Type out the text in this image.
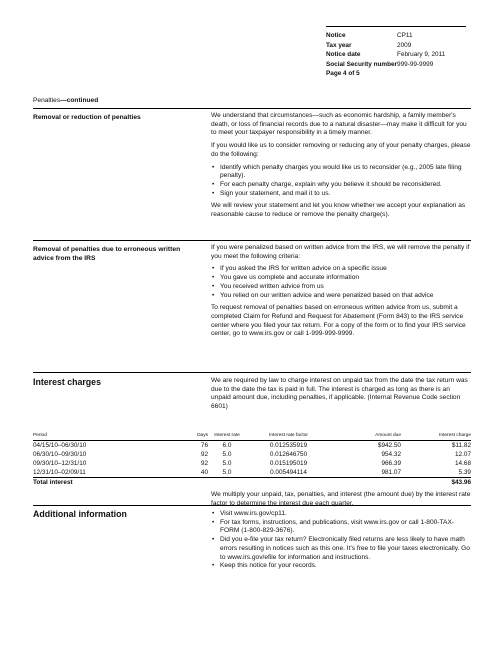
Notice	CP11
Tax year	2009
Notice date	February 9, 2011
Social Security number	999-99-9999
Page 4 of 5
Penalties—continued
Removal or reduction of penalties	We understand that circumstances—such as economic hardship, a family member's death, or loss of financial records due to a natural disaster—may make it difficult for you to meet your taxpayer responsibility in a timely manner.

If you would like us to consider removing or reducing any of your penalty charges, please do the following:

• Identify which penalty charges you would like us to reconsider (e.g., 2005 late filing penalty).
• For each penalty charge, explain why you believe it should be reconsidered.
• Sign your statement, and mail it to us.

We will review your statement and let you know whether we accept your explanation as reasonable cause to reduce or remove the penalty charge(s).

Removal of penalties due to erroneous written advice from the IRS

If you were penalized based on written advice from the IRS, we will remove the penalty if you meet the following criteria:

• If you asked the IRS for written advice on a specific issue
• You gave us complete and accurate information
• You received written advice from us
• You relied on our written advice and were penalized based on that advice

To request removal of penalties based on erroneous written advice from us, submit a completed Claim for Refund and Request for Abatement (Form 843) to the IRS service center where you filed your tax return. For a copy of the form or to find your IRS service center, go to www.irs.gov or call 1-999-999-9999.

Interest charges	We are required by law to charge interest on unpaid tax from the date the tax return was due to the date the tax is paid in full. The interest is charged as long as there is an unpaid amount due, including penalties, if applicable. (Internal Revenue Code section 6601)

Period	Days	Interest rate	Interest rate factor	Amount due	Interest charge
04/15/10–06/30/10	76	6.0	0.012535919	$942.50	$11.82
06/30/10–09/30/10	92	5.0	0.012646750	954.32	12.07
09/30/10–12/31/10	92	5.0	0.015195019	966.39	14.68
12/31/10–02/09/11	40	5.0	0.005494114	981.07	5.39
Total interest					$43.96

We multiply your unpaid, tax, penalties, and interest (the amount due) by the interest rate factor to determine the interest due each quarter.

Additional information	• Visit www.irs.gov/cp11.
• For tax forms, instructions, and publications, visit www.irs.gov or call 1-800-TAX-FORM (1-800-829-3676).
• Did you e-file your tax return? Electronically filed returns are less likely to have math errors resulting in notices such as this one. It's free to file your taxes electronically. Go to www.irs.gov/efile for information and instructions.
• Keep this notice for your records.
